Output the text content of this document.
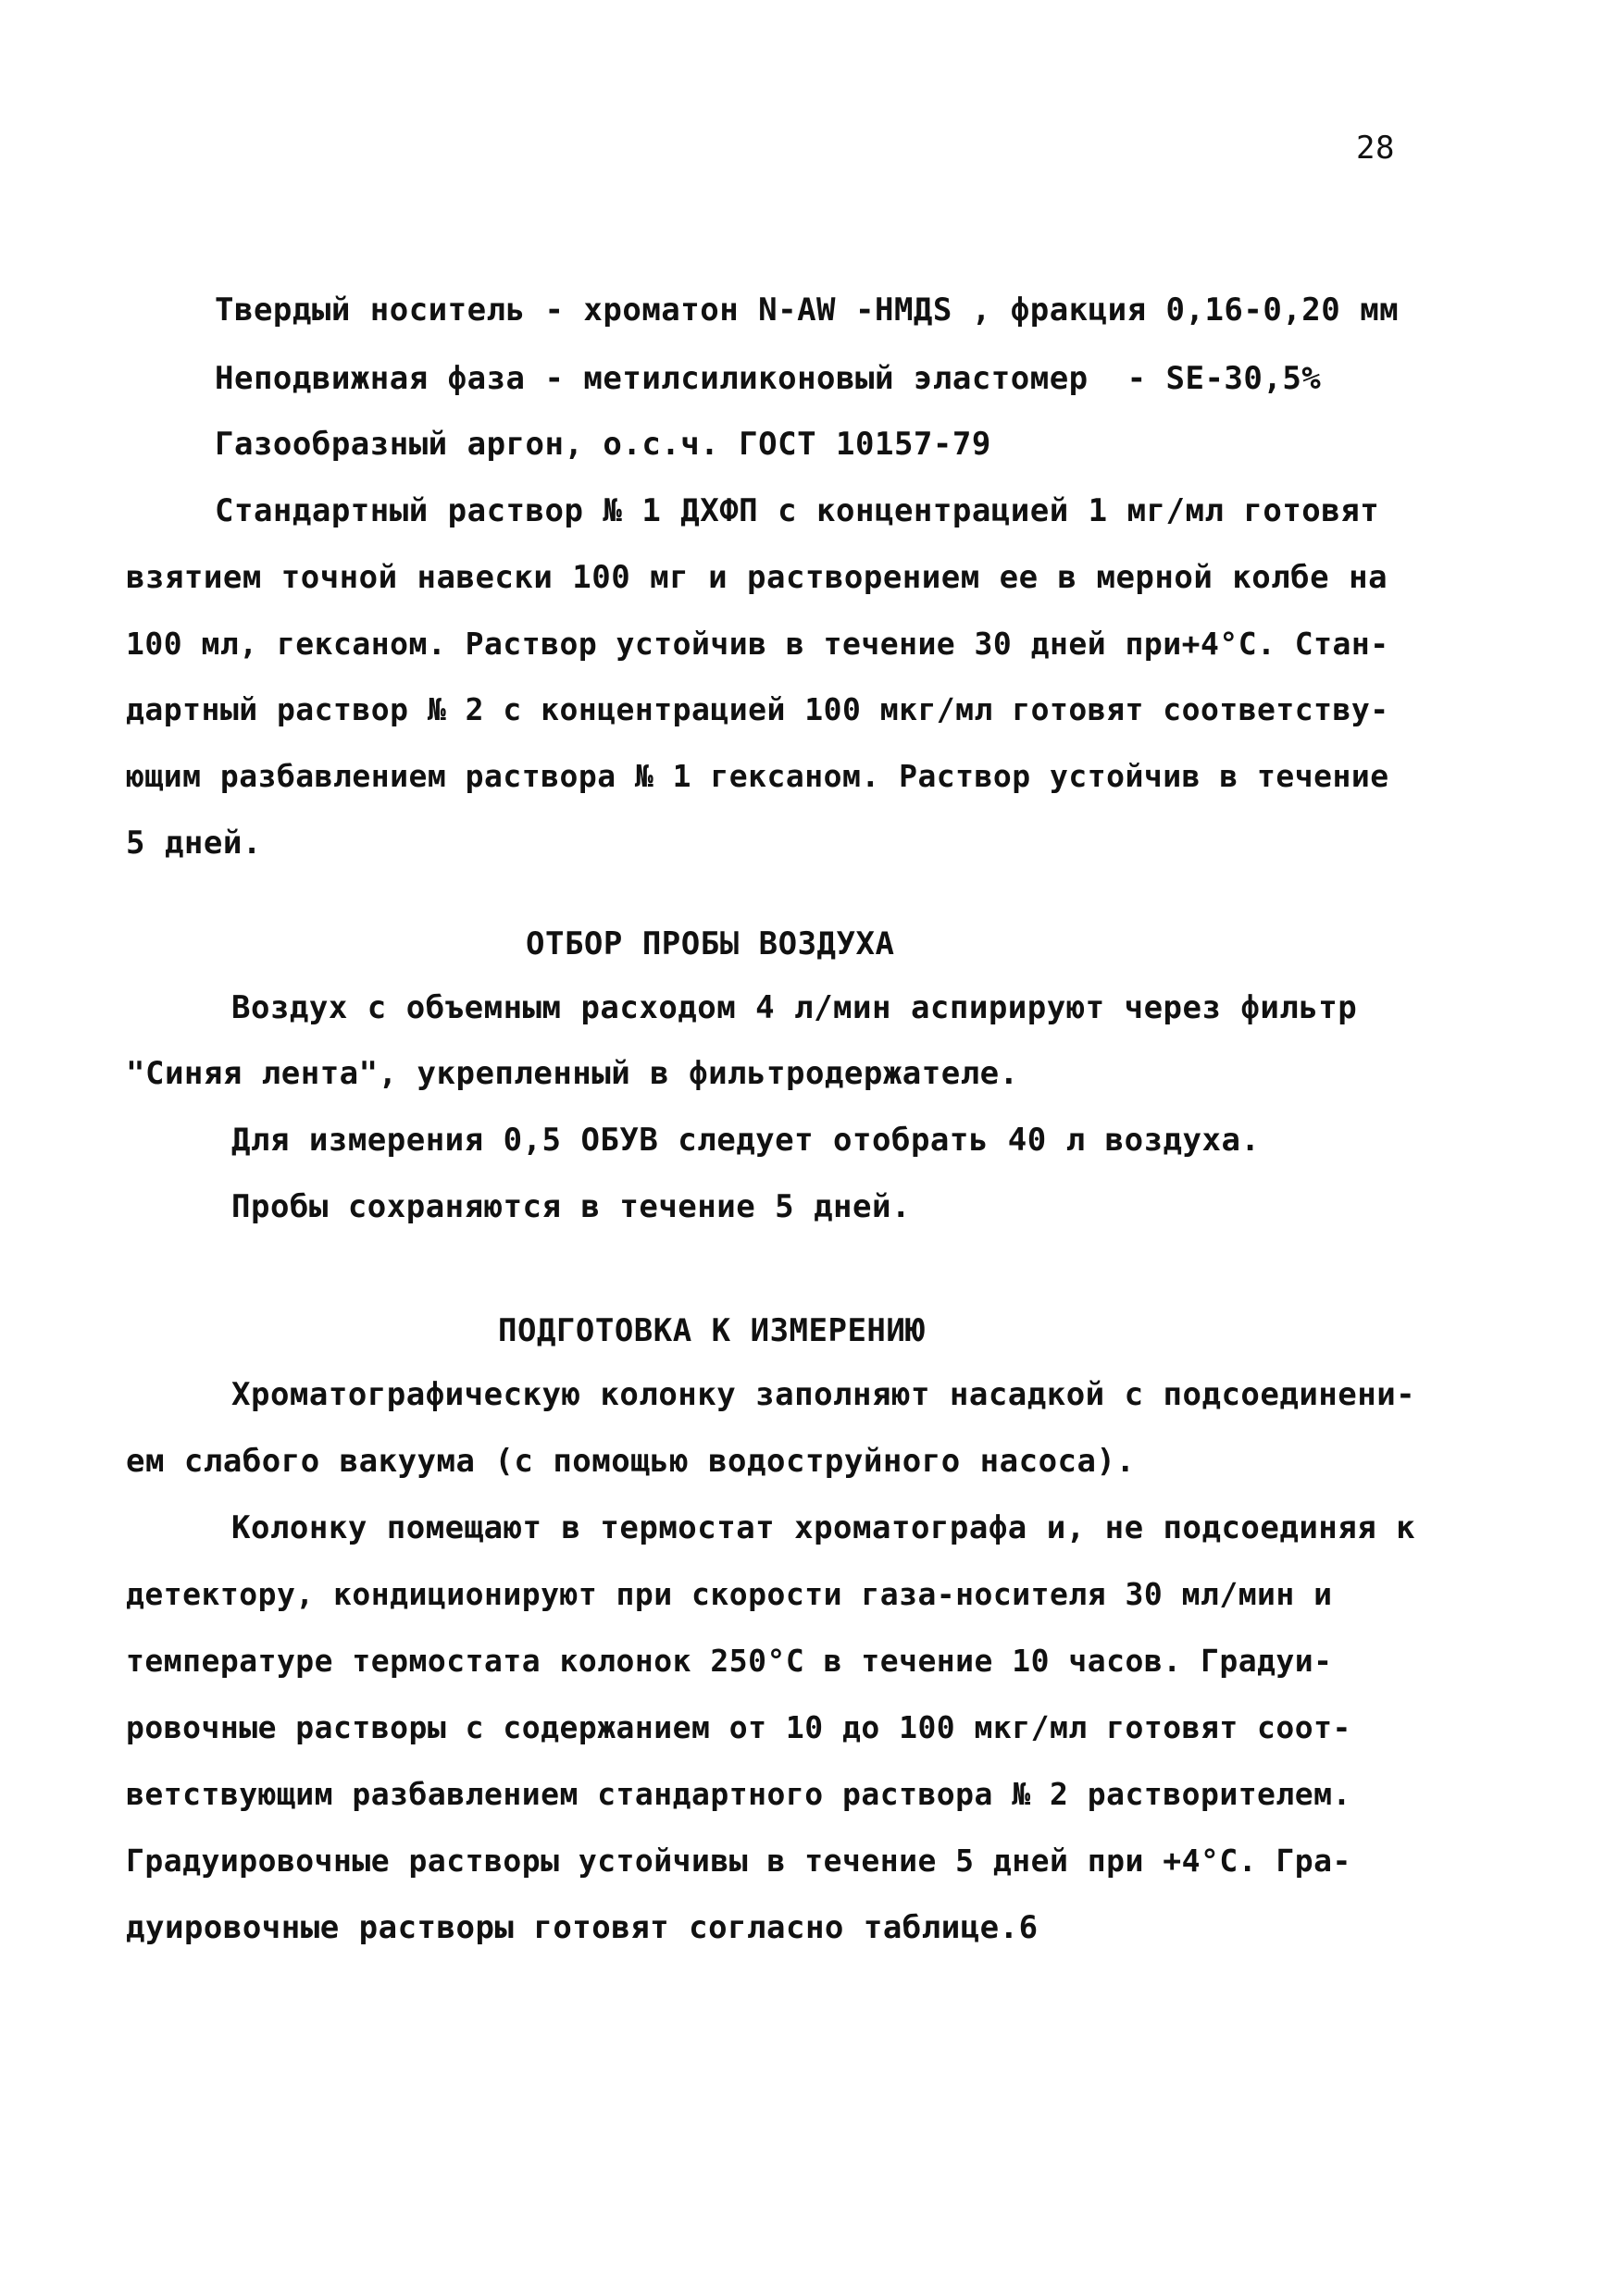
28
Твердый носитель - хроматон N-AW -HMДS , фракция 0,16-0,20 мм
Неподвижная фаза - метилсиликоновый эластомер  - SE-30,5%
Газообразный аргон, о.с.ч. ГОСТ 10157-79
Стандартный раствор № 1 ДХФП с концентрацией 1 мг/мл готовят
взятием точной навески 100 мг и растворением ее в мерной колбе на
100 мл, гексаном. Раствор устойчив в течение 30 дней при+4°С. Стан-
дартный раствор № 2 с концентрацией 100 мкг/мл готовят соответству-
ющим разбавлением раствора № 1 гексаном. Раствор устойчив в течение
5 дней.
ОТБОР ПРОБЫ ВОЗДУХА
Воздух с объемным расходом 4 л/мин аспирируют через фильтр
"Синяя лента", укрепленный в фильтродержателе.
Для измерения 0,5 ОБУВ следует отобрать 40 л воздуха.
Пробы сохраняются в течение 5 дней.
ПОДГОТОВКА К ИЗМЕРЕНИЮ
Хроматографическую колонку заполняют насадкой с подсоединени-
ем слабого вакуума (с помощью водоструйного насоса).
Колонку помещают в термостат хроматографа и, не подсоединяя к
детектору, кондиционируют при скорости газа-носителя 30 мл/мин и
температуре термостата колонок 250°С в течение 10 часов. Градуи-
ровочные растворы с содержанием от 10 до 100 мкг/мл готовят соот-
ветствующим разбавлением стандартного раствора № 2 растворителем.
Градуировочные растворы устойчивы в течение 5 дней при +4°С. Гра-
дуировочные растворы готовят согласно таблице.6
